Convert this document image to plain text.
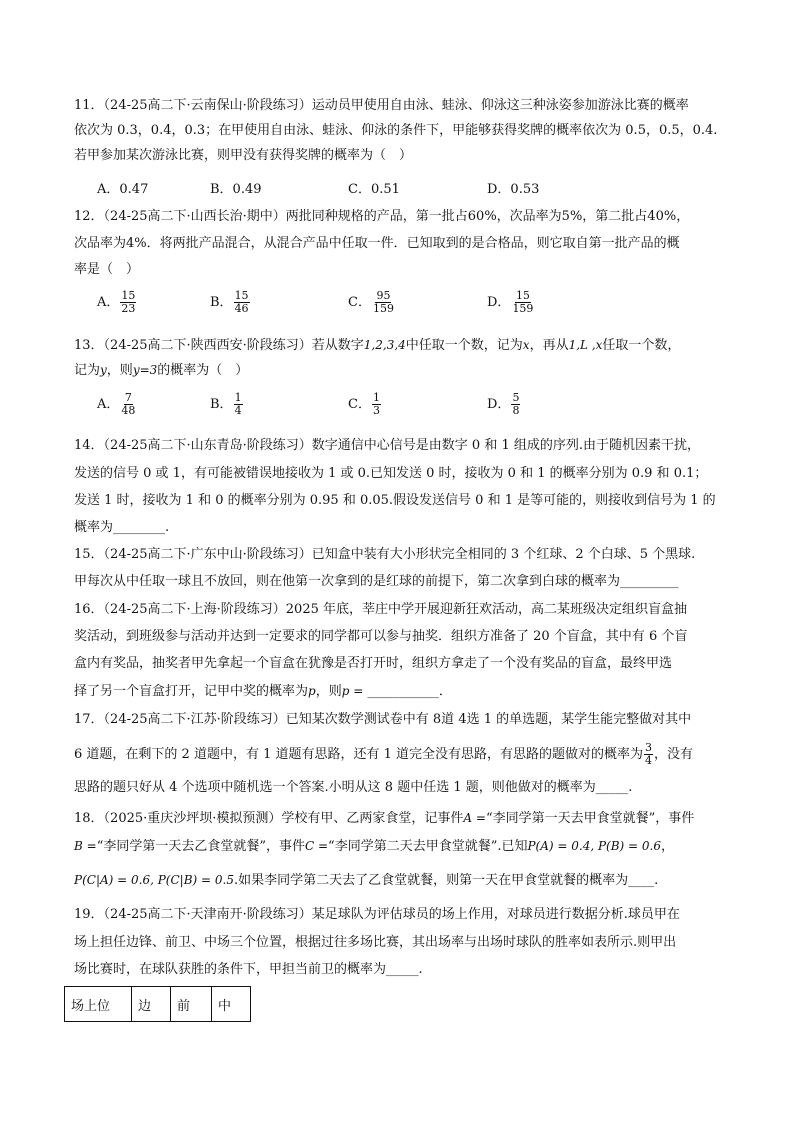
11．（24-25高二下·云南保山·阶段练习）运动员甲使用自由泳、蛙泳、仰泳这三种泳姿参加游泳比赛的概率
依次为 0.3，0.4，0.3；在甲使用自由泳、蛙泳、仰泳的条件下，甲能够获得奖牌的概率依次为 0.5，0.5，0.4.
若甲参加某次游泳比赛，则甲没有获得奖牌的概率为（　）
A．0.47	B．0.49	C．0.51	D．0.53
12．（24-25高二下·山西长治·期中）两批同种规格的产品，第一批占60%，次品率为5%，第二批占40%，
次品率为4%．将两批产品混合，从混合产品中任取一件．已知取到的是合格品，则它取自第一批产品的概
率是（　）
A． $\frac{15}{23}$	B． $\frac{15}{46}$	C． $\frac{95}{159}$	D． $\frac{15}{159}$
13．（24-25高二下·陕西西安·阶段练习）若从数字1,2,3,4中任取一个数，记为x，再从1,L ,x任取一个数，
记为y，则y=3的概率为（　）
A． $\frac{7}{48}$	B． $\frac{1}{4}$	C． $\frac{1}{3}$	D． $\frac{5}{8}$
14．（24-25高二下·山东青岛·阶段练习）数字通信中心信号是由数字 0 和 1 组成的序列.由于随机因素干扰，
发送的信号 0 或 1，有可能被错误地接收为 1 或 0.已知发送 0 时，接收为 0 和 1 的概率分别为 0.9 和 0.1；
发送 1 时，接收为 1 和 0 的概率分别为 0.95 和 0.05.假设发送信号 0 和 1 是等可能的，则接收到信号为 1 的
概率为________.
15．（24-25高二下·广东中山·阶段练习）已知盒中装有大小形状完全相同的 3 个红球、2 个白球、5 个黑球.
甲每次从中任取一球且不放回，则在他第一次拿到的是红球的前提下，第二次拿到白球的概率为_________
16．（24-25高二下·上海·阶段练习）2025 年底，莘庄中学开展迎新狂欢活动，高二某班级决定组织盲盒抽
奖活动，到班级参与活动并达到一定要求的同学都可以参与抽奖．组织方准备了 20 个盲盒，其中有 6 个盲
盒内有奖品，抽奖者甲先拿起一个盲盒在犹豫是否打开时，组织方拿走了一个没有奖品的盲盒，最终甲选
择了另一个盲盒打开，记甲中奖的概率为p，则p = ___________．
17．（24-25高二下·江苏·阶段练习）已知某次数学测试卷中有 8道 4选 1 的单选题，某学生能完整做对其中
6 道题，在剩下的 2 道题中，有 1 道题有思路，还有 1 道完全没有思路，有思路的题做对的概率为 $\frac{3}{4}$ ，没有
思路的题只好从 4 个选项中随机选一个答案.小明从这 8 题中任选 1 题，则他做对的概率为_____.
18．（2025·重庆沙坪坝·模拟预测）学校有甲、乙两家食堂，记事件A =“李同学第一天去甲食堂就餐”，事件
B =“李同学第一天去乙食堂就餐”，事件C =“李同学第二天去甲食堂就餐”.已知P(A) = 0.4, P(B) = 0.6，
P(C|A) = 0.6, P(C|B) = 0.5.如果李同学第二天去了乙食堂就餐，则第一天在甲食堂就餐的概率为____.
19．（24-25高二下·天津南开·阶段练习）某足球队为评估球员的场上作用，对球员进行数据分析.球员甲在
场上担任边锋、前卫、中场三个位置，根据过往多场比赛，其出场率与出场时球队的胜率如表所示.则甲出
场比赛时，在球队获胜的条件下，甲担当前卫的概率为_____.
场上位	边	前	中
